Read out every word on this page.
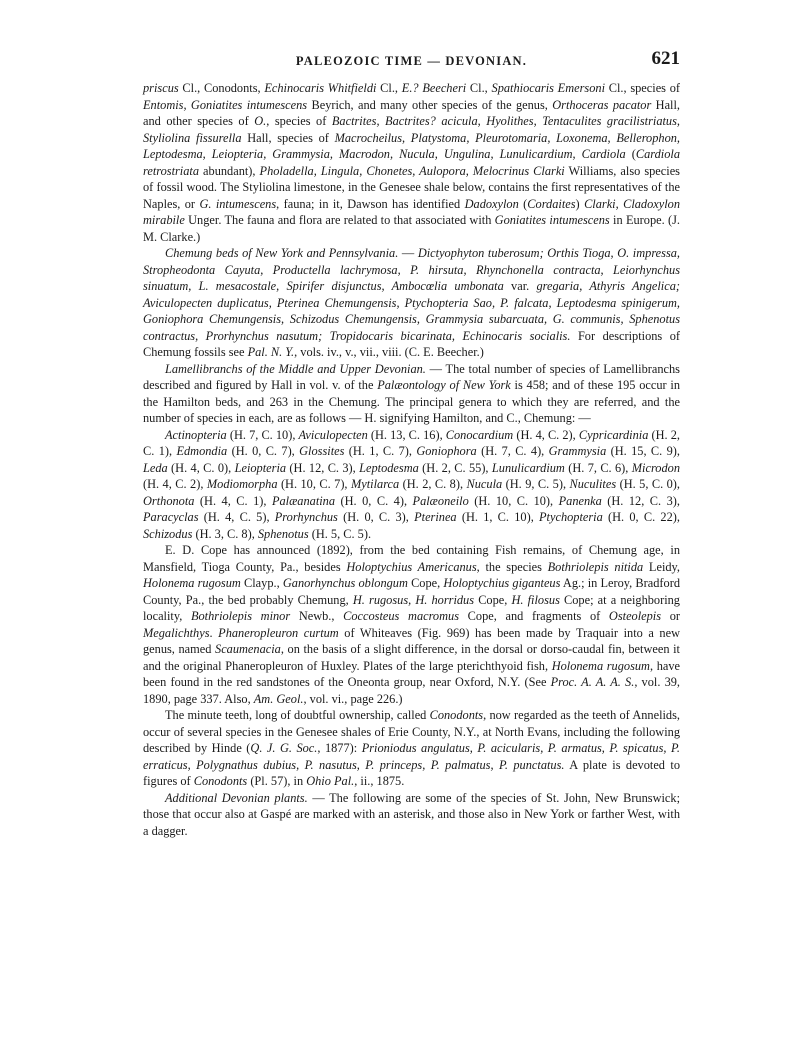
PALEOZOIC TIME — DEVONIAN.	621

priscus Cl., Conodonts, Echinocaris Whitfieldi Cl., E.? Beecheri Cl., Spathiocaris Emersoni Cl., species of Entomis, Goniatites intumescens Beyrich, and many other species of the genus, Orthoceras pacator Hall, and other species of O., species of Bactrites, Bactrites? acicula, Hyolithes, Tentaculites gracilistriatus, Styliolina fissurella Hall, species of Macrocheilus, Platystoma, Pleurotomaria, Loxonema, Bellerophon, Leptodesma, Leiopteria, Grammysia, Macrodon, Nucula, Ungulina, Lunulicardium, Cardiola (Cardiola retrostriata abundant), Pholadella, Lingula, Chonetes, Aulopora, Melocrinus Clarki Williams, also species of fossil wood. The Styliolina limestone, in the Genesee shale below, contains the first representatives of the Naples, or G. intumescens, fauna; in it, Dawson has identified Dadoxylon (Cordaites) Clarki, Cladoxylon mirabile Unger. The fauna and flora are related to that associated with Goniatites intumescens in Europe. (J. M. Clarke.)

Chemung beds of New York and Pennsylvania. — Dictyophyton tuberosum; Orthis Tioga, O. impressa, Stropheodonta Cayuta, Productella lachrymosa, P. hirsuta, Rhynchonella contracta, Leiorhynchus sinuatum, L. mesacostale, Spirifer disjunctus, Ambocœlia umbonata var. gregaria, Athyris Angelica; Aviculopecten duplicatus, Pterinea Chemungensis, Ptychopteria Sao, P. falcata, Leptodesma spinigerum, Goniophora Chemungensis, Schizodus Chemungensis, Grammysia subarcuata, G. communis, Sphenotus contractus, Prorhynchus nasutum; Tropidocaris bicarinata, Echinocaris socialis. For descriptions of Chemung fossils see Pal. N. Y., vols. iv., v., vii., viii. (C. E. Beecher.)

Lamellibranchs of the Middle and Upper Devonian. — The total number of species of Lamellibranchs described and figured by Hall in vol. v. of the Palæontology of New York is 458; and of these 195 occur in the Hamilton beds, and 263 in the Chemung. The principal genera to which they are referred, and the number of species in each, are as follows — H. signifying Hamilton, and C., Chemung: —

Actinopteria (H. 7, C. 10), Aviculopecten (H. 13, C. 16), Conocardium (H. 4, C. 2), Cypricardinia (H. 2, C. 1), Edmondia (H. 0, C. 7), Glossites (H. 1, C. 7), Goniophora (H. 7, C. 4), Grammysia (H. 15, C. 9), Leda (H. 4, C. 0), Leiopteria (H. 12, C. 3), Leptodesma (H. 2, C. 55), Lunulicardium (H. 7, C. 6), Microdon (H. 4, C. 2), Modiomorpha (H. 10, C. 7), Mytilarca (H. 2, C. 8), Nucula (H. 9, C. 5), Nuculites (H. 5, C. 0), Orthonota (H. 4, C. 1), Palæanatina (H. 0, C. 4), Palæoneilo (H. 10, C. 10), Panenka (H. 12, C. 3), Paracyclas (H. 4, C. 5), Prorhynchus (H. 0, C. 3), Pterinea (H. 1, C. 10), Ptychopteria (H. 0, C. 22), Schizodus (H. 3, C. 8), Sphenotus (H. 5, C. 5).

E. D. Cope has announced (1892), from the bed containing Fish remains, of Chemung age, in Mansfield, Tioga County, Pa., besides Holoptychius Americanus, the species Bothriolepis nitida Leidy, Holonema rugosum Clayp., Ganorhynchus oblongum Cope, Holoptychius giganteus Ag.; in Leroy, Bradford County, Pa., the bed probably Chemung, H. rugosus, H. horridus Cope, H. filosus Cope; at a neighboring locality, Bothriolepis minor Newb., Coccosteus macromus Cope, and fragments of Osteolepis or Megalichthys. Phaneropleuron curtum of Whiteaves (Fig. 969) has been made by Traquair into a new genus, named Scaumenacia, on the basis of a slight difference, in the dorsal or dorso-caudal fin, between it and the original Phaneropleuron of Huxley. Plates of the large pterichthyoid fish, Holonema rugosum, have been found in the red sandstones of the Oneonta group, near Oxford, N.Y. (See Proc. A. A. A. S., vol. 39, 1890, page 337. Also, Am. Geol., vol. vi., page 226.)

The minute teeth, long of doubtful ownership, called Conodonts, now regarded as the teeth of Annelids, occur of several species in the Genesee shales of Erie County, N.Y., at North Evans, including the following described by Hinde (Q. J. G. Soc., 1877): Prioniodus angulatus, P. acicularis, P. armatus, P. spicatus, P. erraticus, Polygnathus dubius, P. nasutus, P. princeps, P. palmatus, P. punctatus. A plate is devoted to figures of Conodonts (Pl. 57), in Ohio Pal., ii., 1875.

Additional Devonian plants. — The following are some of the species of St. John, New Brunswick; those that occur also at Gaspé are marked with an asterisk, and those also in New York or farther West, with a dagger.
